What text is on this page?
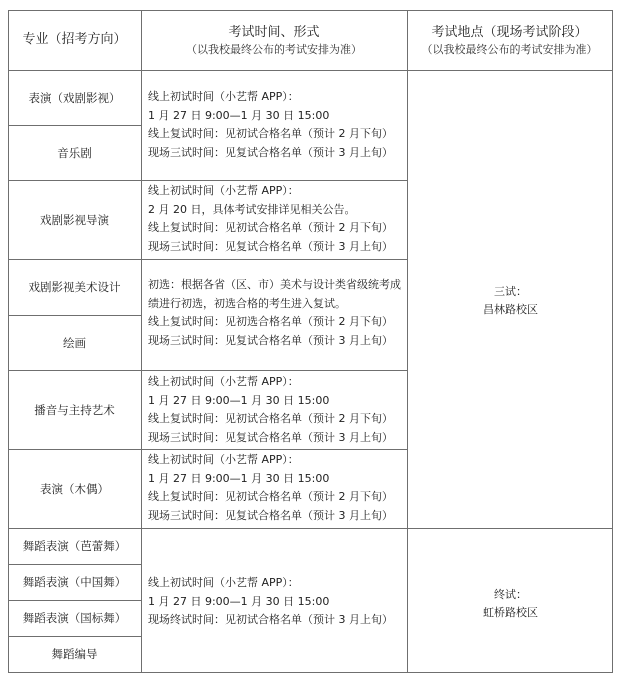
专业（招考方向）	考试时间、形式
（以我校最终公布的考试安排为准）
考试地点（现场考试阶段）
（以我校最终公布的考试安排为准）
表演（戏剧影视）
音乐剧
戏剧影视导演
戏剧影视美术设计
绘画
播音与主持艺术
表演（木偶）
舞蹈表演（芭蕾舞）
舞蹈表演（中国舞）
舞蹈表演（国标舞）
舞蹈编导
线上初试时间（小艺帮 APP）：
1 月 27 日 9:00—1 月 30 日 15:00
线上复试时间：见初试合格名单（预计 2 月下旬）
现场三试时间：见复试合格名单（预计 3 月上旬）
线上初试时间（小艺帮 APP）：
2 月 20 日，具体考试安排详见相关公告。
线上复试时间：见初试合格名单（预计 2 月下旬）
现场三试时间：见复试合格名单（预计 3 月上旬）
初选：根据各省（区、市）美术与设计类省级统考成绩进行初选，初选合格的考生进入复试。
线上复试时间：见初选合格名单（预计 2 月下旬）
现场三试时间：见复试合格名单（预计 3 月上旬）
线上初试时间（小艺帮 APP）：
1 月 27 日 9:00—1 月 30 日 15:00
线上复试时间：见初试合格名单（预计 2 月下旬）
现场三试时间：见复试合格名单（预计 3 月上旬）
线上初试时间（小艺帮 APP）：
1 月 27 日 9:00—1 月 30 日 15:00
线上复试时间：见初试合格名单（预计 2 月下旬）
现场三试时间：见复试合格名单（预计 3 月上旬）
线上初试时间（小艺帮 APP）：
1 月 27 日 9:00—1 月 30 日 15:00
现场终试时间：见初试合格名单（预计 3 月上旬）
三试：
昌林路校区
终试：
虹桥路校区
